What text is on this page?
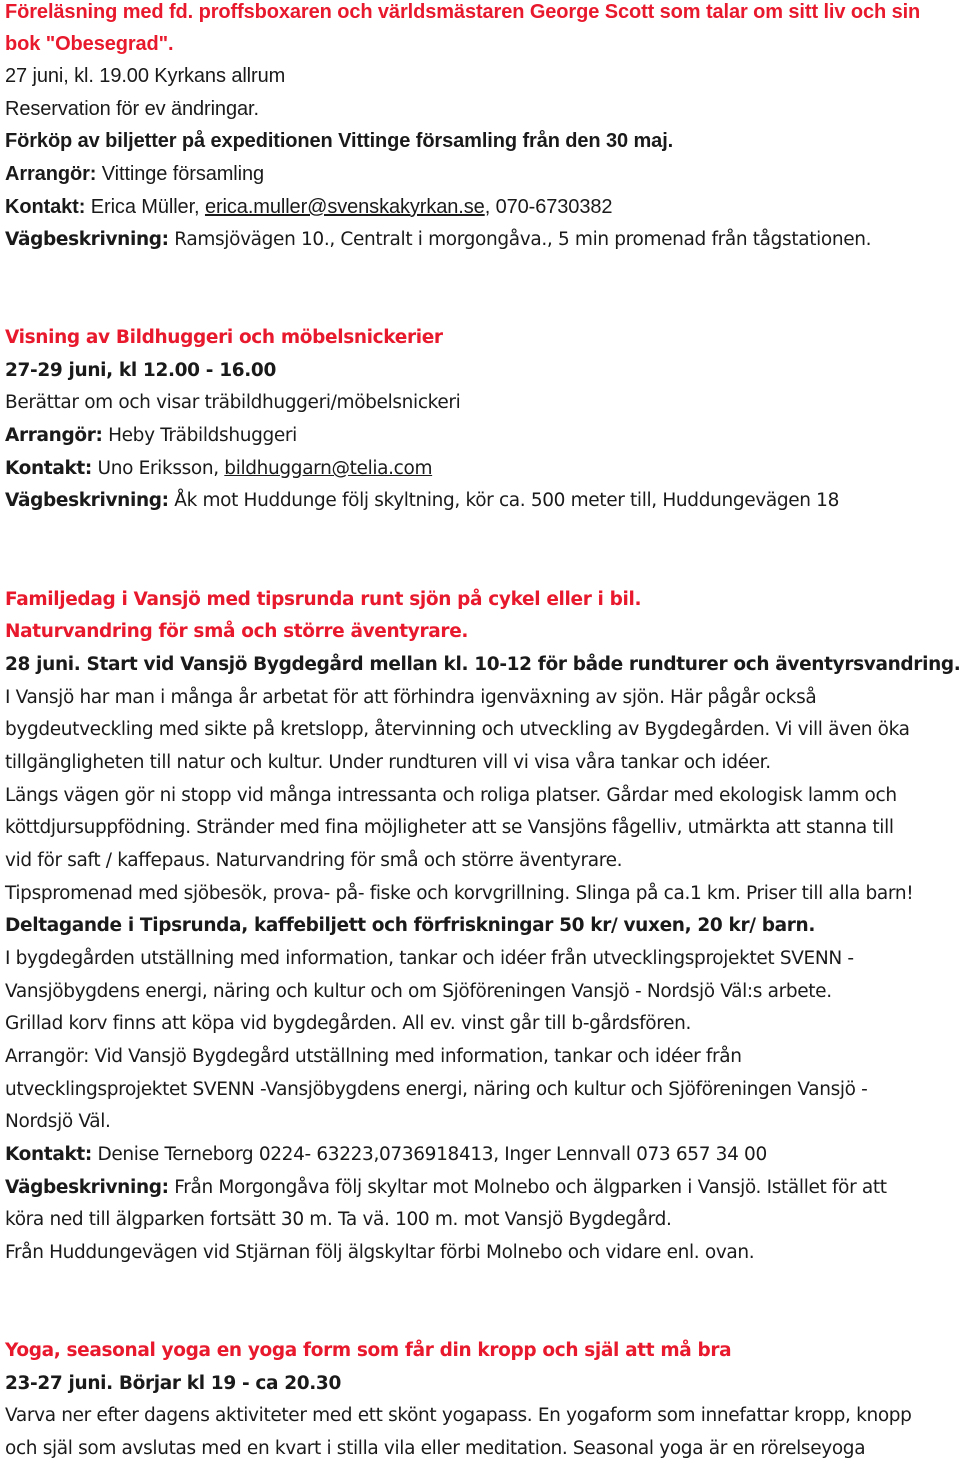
Föreläsning med fd. proffsboxaren och världsmästaren George Scott som talar om sitt liv och sin
bok "Obesegrad".
27 juni, kl. 19.00 Kyrkans allrum
Reservation för ev ändringar.
Förköp av biljetter på expeditionen Vittinge församling från den 30 maj.
Arrangör: Vittinge församling
Kontakt: Erica Müller, erica.muller@svenskakyrkan.se, 070-6730382
Vägbeskrivning: Ramsjövägen 10., Centralt i morgongåva., 5 min promenad från tågstationen.
Visning av Bildhuggeri och möbelsnickerier
27-29 juni, kl 12.00 - 16.00
Berättar om och visar träbildhuggeri/möbelsnickeri
Arrangör: Heby Träbildshuggeri
Kontakt: Uno Eriksson, bildhuggarn@telia.com
Vägbeskrivning: Åk mot Huddunge följ skyltning, kör ca. 500 meter till, Huddungevägen 18
Familjedag i Vansjö med tipsrunda runt sjön på cykel eller i bil.
Naturvandring för små och större äventyrare.
28 juni. Start vid Vansjö Bygdegård mellan kl. 10-12 för både rundturer och äventyrsvandring.
I Vansjö har man i många år arbetat för att förhindra igenväxning av sjön. Här pågår också
bygdeutveckling med sikte på kretslopp, återvinning och utveckling av Bygdegården. Vi vill även öka
tillgängligheten till natur och kultur. Under rundturen vill vi visa våra tankar och idéer.
Längs vägen gör ni stopp vid många intressanta och roliga platser. Gårdar med ekologisk lamm och
köttdjursuppfödning. Stränder med fina möjligheter att se Vansjöns fågelliv, utmärkta att stanna till
vid för saft / kaffepaus. Naturvandring för små och större äventyrare.
Tipspromenad med sjöbesök, prova- på- fiske och korvgrillning. Slinga på ca.1 km. Priser till alla barn!
Deltagande i Tipsrunda, kaffebiljett och förfriskningar 50 kr/ vuxen, 20 kr/ barn.
I bygdegården utställning med information, tankar och idéer från utvecklingsprojektet SVENN -
Vansjöbygdens energi, näring och kultur och om Sjöföreningen Vansjö - Nordsjö Väl:s arbete.
Grillad korv finns att köpa vid bygdegården. All ev. vinst går till b-gårdsfören.
Arrangör: Vid Vansjö Bygdegård utställning med information, tankar och idéer från
utvecklingsprojektet SVENN -Vansjöbygdens energi, näring och kultur och Sjöföreningen Vansjö -
Nordsjö Väl.
Kontakt: Denise Terneborg 0224- 63223,0736918413, Inger Lennvall 073 657 34 00
Vägbeskrivning: Från Morgongåva följ skyltar mot Molnebo och älgparken i Vansjö. Istället för att
köra ned till älgparken fortsätt 30 m. Ta vä. 100 m. mot Vansjö Bygdegård.
Från Huddungevägen vid Stjärnan följ älgskyltar förbi Molnebo och vidare enl. ovan.
Yoga, seasonal yoga en yoga form som får din kropp och själ att må bra
23-27 juni. Börjar kl 19 - ca 20.30
Varva ner efter dagens aktiviteter med ett skönt yogapass. En yogaform som innefattar kropp, knopp
och själ som avslutas med en kvart i stilla vila eller meditation. Seasonal yoga är en rörelseyoga
